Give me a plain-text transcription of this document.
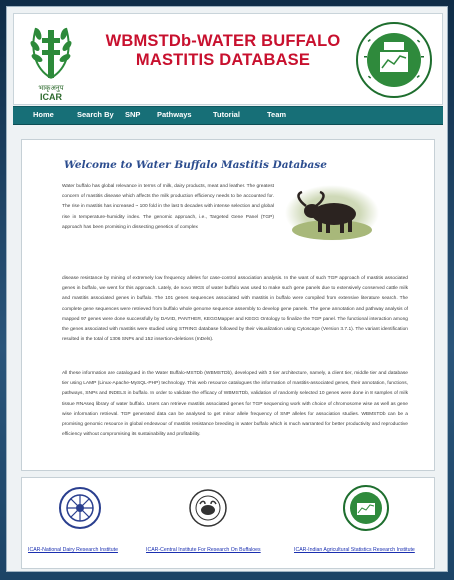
भाकृअनुप
ICAR
WBMSTDb-WATER BUFFALO
MASTITIS DATABASE
Home	Search By SNP Pathways	Tutorial	Team
Welcome to Water Buffalo Mastitis Database
Water buffalo has global relevance in terms of milk, dairy products, meat and leather. The greatest concern of mastitis disease which affects the milk production efficiency needs to be accounted for. The rise in mastitis has increased ~ 100 fold in the last 5 decades with intense selection and global rise in temperature-humidity index. The genomic approach, i.e., Targeted Gene Panel (TGP) approach has been promising in dissecting genetics of complex
disease resistance by mining of extremely low frequency alleles for case-control association analysis. In the want of such TGP approach of mastitis associated genes in buffalo, we went for this approach. Lately, de novo WGS of water buffalo was used to make such gene panels due to extensively conserved cattle milk and mastitis associated genes in buffalo. The 101 genes sequences associated with mastitis in buffalo were compiled from extensive literature search. The complete gene sequences were retrieved from buffalo whole genome sequence assembly to develop gene panels. The gene annotation and pathway analysis of mapped 97 genes were done successfully by DAVID, PANTHER, KEGGMapper and KEGG Ontology to finalize the TGP panel. The functional interaction among the genes associated with mastitis were studied using STRING database followed by their visualization using Cytoscape (Version 3.7.1). The variant identification resulted in the total of 1306 SNPs and 152 insertion-deletions (InDels).
All these information are catalogued in the Water Buffalo-MSTDb (WBMSTDb), developed with 3 tier architecture, namely, a client tier, middle tier and database tier using LAMP (Linux-Apache-MySQL-PHP) technology. This web resource catalogues the information of mastitis-associated genes, their annotation, functions, pathways, SNPs and INDELS in buffalo. In order to validate the efficacy of WBMSTDb, validation of randomly selected 10 genes were done in 8 samples of milk tissue RNAseq library of water buffalo. Users can retrieve mastitis associated genes for TGP sequencing work with choice of chromosome wise as well as gene wise information retrieval. TGP generated data can be analysed to get minor allele frequency of SNP alleles for association studies. WBMSTDb can be a promising genomic resource in global endeavour of mastitis resistance breeding in water buffalo which is much warranted for better productivity and reproductive efficiency without compromising its sustainability and profitability.
ICAR-National Dairy Research Institute	ICAR-Central Institute For Research On Buffaloes	ICAR-Indian Agricultural Statistics Research Institute
